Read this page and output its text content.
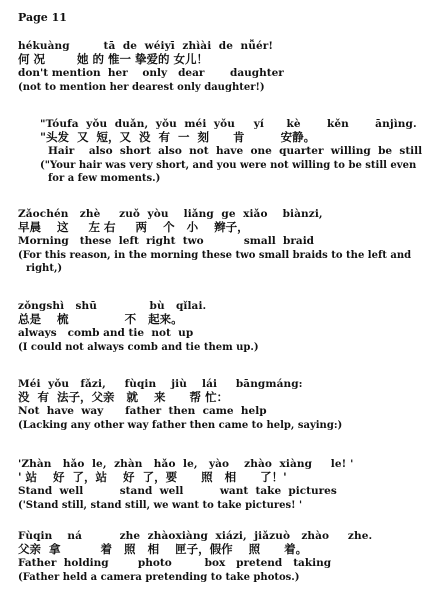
Page 11
hékuàng         tā  de  wéiyī  zhìài  de  nǚér!
何 况        她 的 惟一 挚爱的 女儿！
don't mention  her    only   dear       daughter
(not to mention her dearest only daughter!)
"Tóufa  yǒu  duǎn,  yǒu  méi  yǒu     yí      kè       kěn       ānjìng.
"头发  又  短，又  没  有  一  刻      肯         安静。
Hair    also  short  also  not  have  one  quarter  willing  be  still
("Your hair was very short, and you were not willing to be still even
for a few moments.)
Zǎochén   zhè     zuǒ  yòu    liǎng  ge  xiǎo    biànzi,
早晨    这     左 右     两    个   小    辫子，
Morning   these  left  right  two           small  braid
(For this reason, in the morning these two small braids to the left and
right,)
zǒngshì   shū              bù   qǐlai.
总是    梳              不   起来。
always   comb and tie  not  up
(I could not always comb and tie them up.)
Méi  yǒu   fǎzi,     fùqin    jiù    lái     bāngmáng:
没  有  法子，父亲   就    来      帮 忙：
Not  have  way      father  then  came  help
(Lacking any other way father then came to help, saying:)
'Zhàn   hǎo  le,  zhàn   hǎo  le,   yào    zhào  xiàng     le! '
' 站    好  了，站    好  了，要      照   相      了！'
Stand  well          stand  well          want  take  pictures
('Stand still, stand still, we want to take pictures! '
Fùqin    ná          zhe  zhàoxiàng  xiázi,  jiǎzuò   zhào     zhe.
父亲  拿          着   照   相    匣子，假作    照      着。
Father  holding        photo         box   pretend   taking
(Father held a camera pretending to take photos.)
